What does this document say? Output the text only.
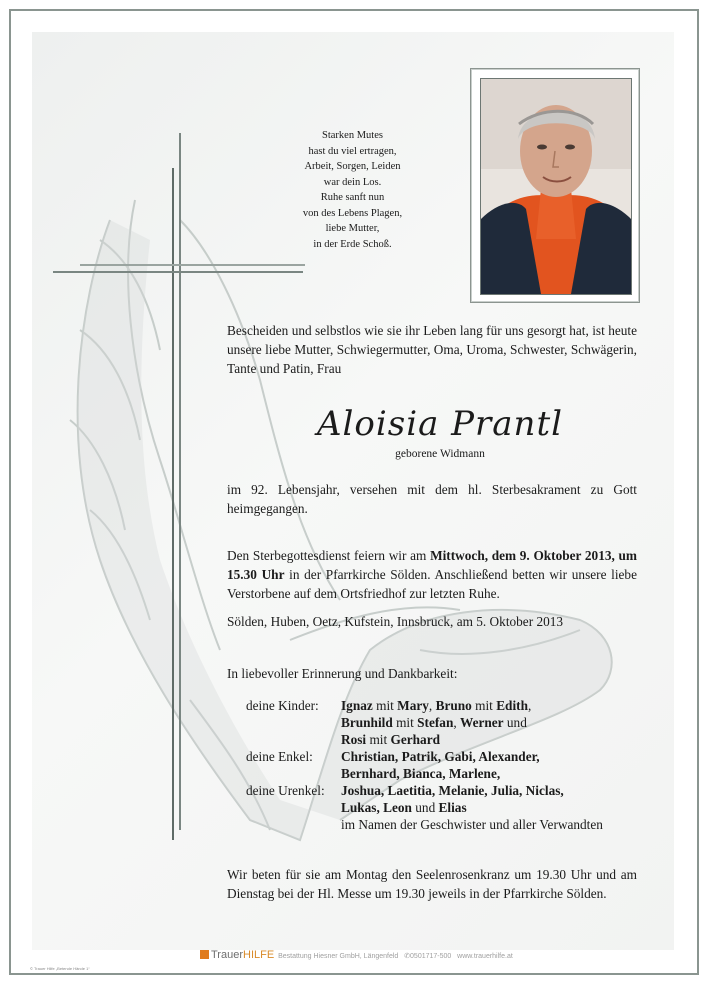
Starken Mutes
hast du viel ertragen,
Arbeit, Sorgen, Leiden
war dein Los.
Ruhe sanft nun
von des Lebens Plagen,
liebe Mutter,
in der Erde Schoß.
Bescheiden und selbstlos wie sie ihr Leben lang für uns gesorgt hat, ist heute unsere liebe Mutter, Schwiegermutter, Oma, Uroma, Schwester, Schwägerin, Tante und Patin, Frau
Aloisia Prantl
geborene Widmann
im 92. Lebensjahr, versehen mit dem hl. Sterbesakrament zu Gott heimgegangen.
Den Sterbegottesdienst feiern wir am Mittwoch, dem 9. Oktober 2013, um 15.30 Uhr in der Pfarrkirche Sölden. Anschließend betten wir unsere liebe Verstorbene auf dem Ortsfriedhof zur letzten Ruhe.
Sölden, Huben, Oetz, Kufstein, Innsbruck, am 5. Oktober 2013
In liebevoller Erinnerung und Dankbarkeit:
deine Kinder: Ignaz mit Mary, Bruno mit Edith,
Brunhild mit Stefan, Werner und
Rosi mit Gerhard
deine Enkel: Christian, Patrik, Gabi, Alexander,
Bernhard, Bianca, Marlene,
deine Urenkel: Joshua, Laetitia, Melanie, Julia, Niclas,
Lukas, Leon und Elias
im Namen der Geschwister und aller Verwandten
Wir beten für sie am Montag den Seelenrosenkranz um 19.30 Uhr und am Dienstag bei der Hl. Messe um 19.30 jeweils in der Pfarrkirche Sölden.
TrauerHILFE Bestattung Hiesner GmbH, Längenfeld ✆0501717-500 www.trauerhilfe.at
© Trauer Hilfe „Betende Hände 1“
